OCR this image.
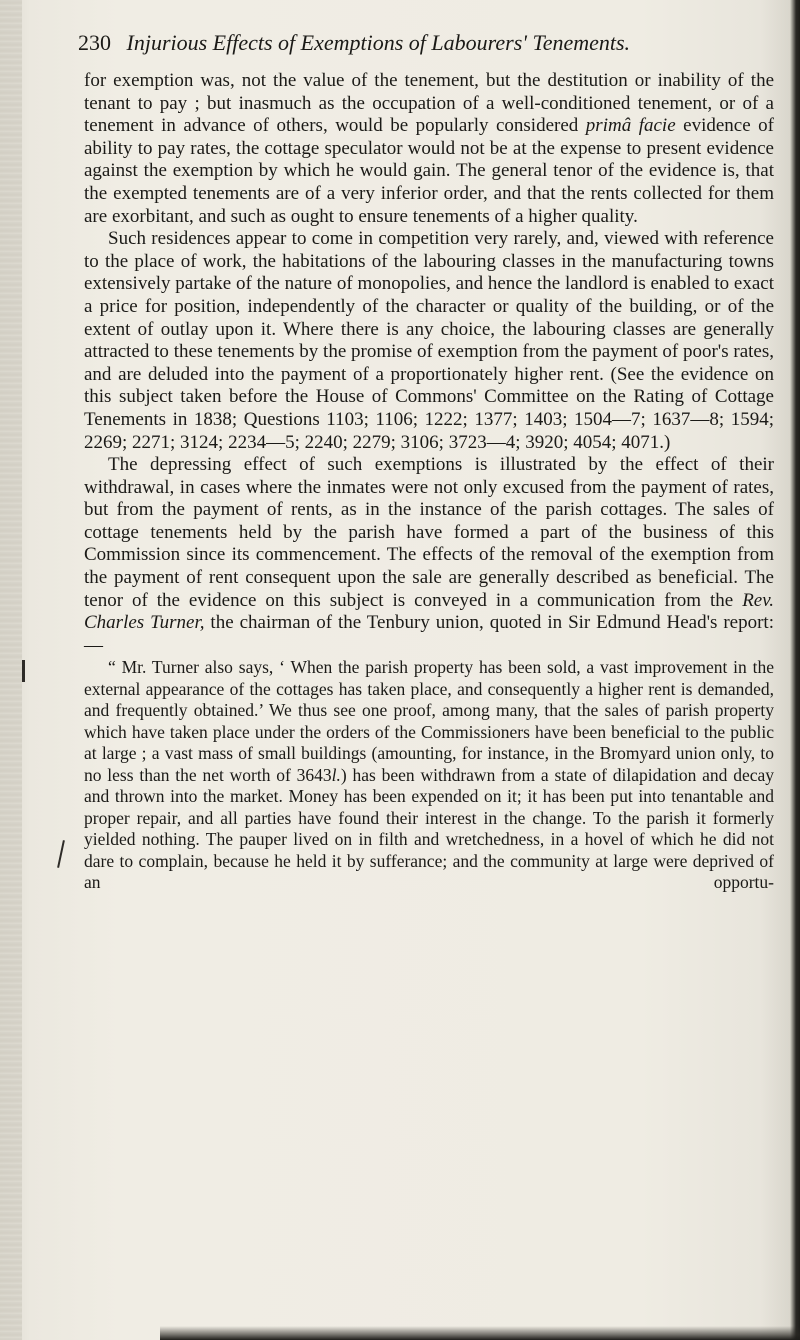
230 Injurious Effects of Exemptions of Labourers' Tenements.

for exemption was, not the value of the tenement, but the destitution or inability of the tenant to pay ; but inasmuch as the occupation of a well-conditioned tenement, or of a tenement in advance of others, would be popularly considered primâ facie evidence of ability to pay rates, the cottage speculator would not be at the expense to present evidence against the exemption by which he would gain. The general tenor of the evidence is, that the exempted tenements are of a very inferior order, and that the rents collected for them are exorbitant, and such as ought to ensure tenements of a higher quality.

Such residences appear to come in competition very rarely, and, viewed with reference to the place of work, the habitations of the labouring classes in the manufacturing towns extensively partake of the nature of monopolies, and hence the landlord is enabled to exact a price for position, independently of the character or quality of the building, or of the extent of outlay upon it. Where there is any choice, the labouring classes are generally attracted to these tenements by the promise of exemption from the payment of poor's rates, and are deluded into the payment of a proportionately higher rent. (See the evidence on this subject taken before the House of Commons' Committee on the Rating of Cottage Tenements in 1838; Questions 1103; 1106; 1222; 1377; 1403; 1504—7; 1637—8; 1594; 2269; 2271; 3124; 2234—5; 2240; 2279; 3106; 3723—4; 3920; 4054; 4071.)

The depressing effect of such exemptions is illustrated by the effect of their withdrawal, in cases where the inmates were not only excused from the payment of rates, but from the payment of rents, as in the instance of the parish cottages. The sales of cottage tenements held by the parish have formed a part of the business of this Commission since its commencement. The effects of the removal of the exemption from the payment of rent consequent upon the sale are generally described as beneficial. The tenor of the evidence on this subject is conveyed in a communication from the Rev. Charles Turner, the chairman of the Tenbury union, quoted in Sir Edmund Head's report:—

“ Mr. Turner also says, ‘ When the parish property has been sold, a vast improvement in the external appearance of the cottages has taken place, and consequently a higher rent is demanded, and frequently obtained.’ We thus see one proof, among many, that the sales of parish property which have taken place under the orders of the Commissioners have been beneficial to the public at large ; a vast mass of small buildings (amounting, for instance, in the Bromyard union only, to no less than the net worth of 3643l.) has been withdrawn from a state of dilapidation and decay and thrown into the market. Money has been expended on it; it has been put into tenantable and proper repair, and all parties have found their interest in the change. To the parish it formerly yielded nothing. The pauper lived on in filth and wretchedness, in a hovel of which he did not dare to complain, because he held it by sufferance; and the community at large were deprived of an opportu-
